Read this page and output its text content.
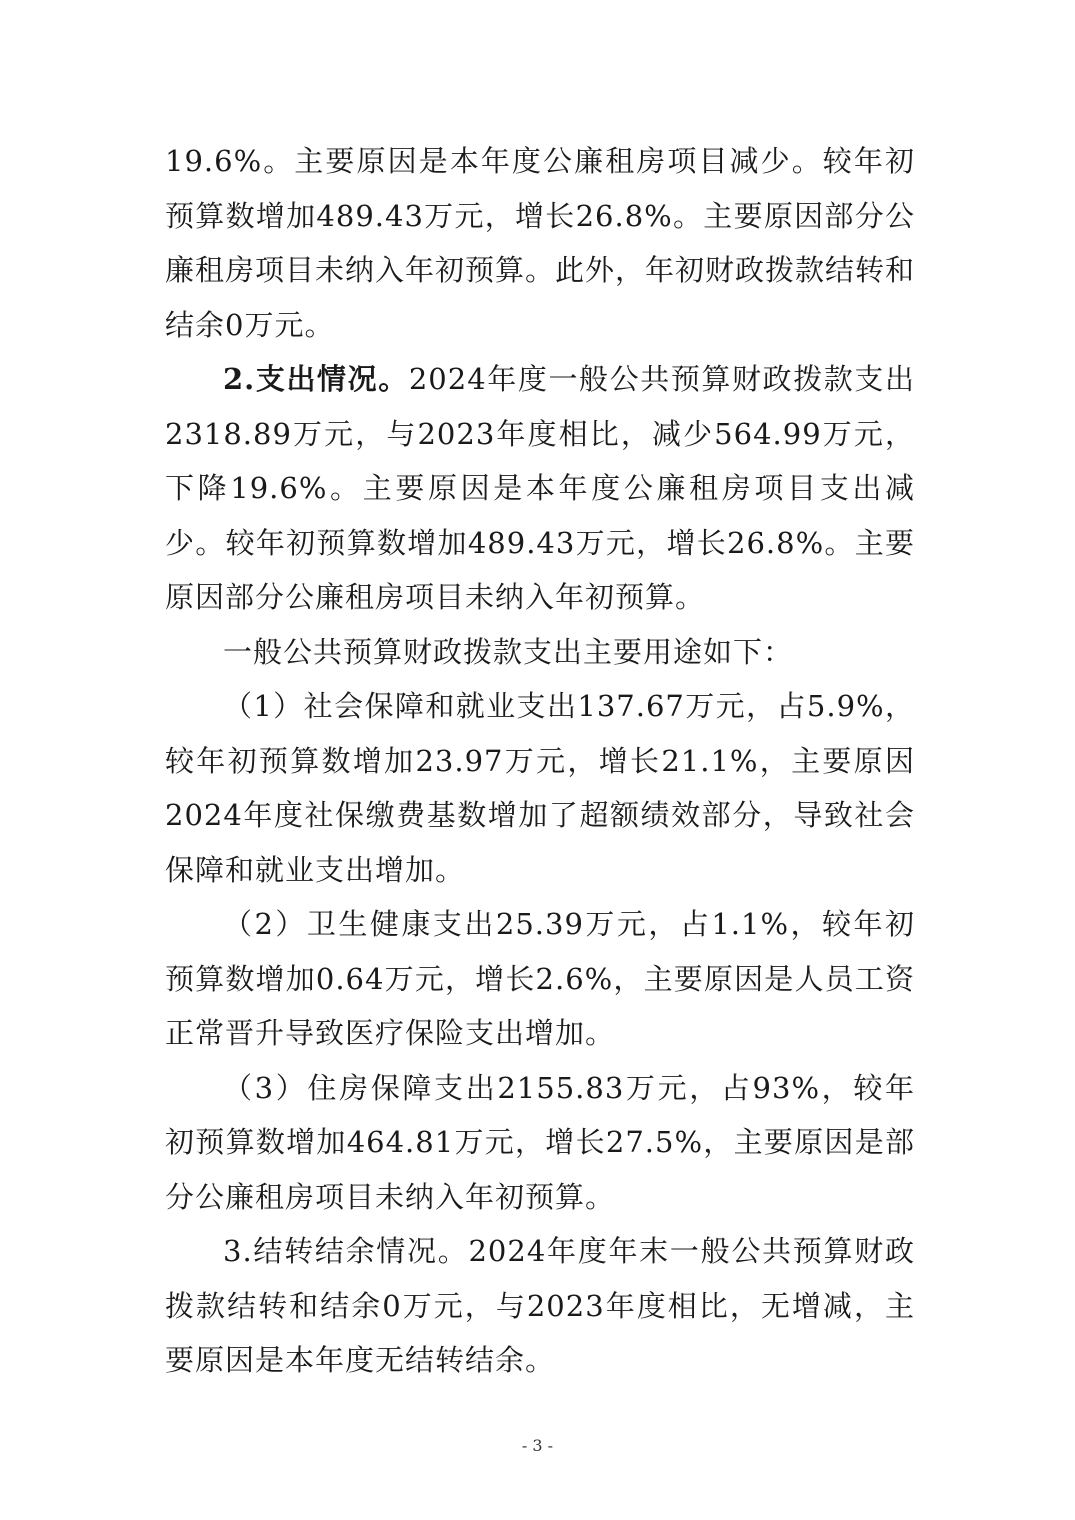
19.6%。主要原因是本年度公廉租房项目减少。较年初预算数增加489.43万元，增长26.8%。主要原因部分公廉租房项目未纳入年初预算。此外，年初财政拨款结转和结余0万元。

2.支出情况。2024年度一般公共预算财政拨款支出2318.89万元，与2023年度相比，减少564.99万元，下降19.6%。主要原因是本年度公廉租房项目支出减少。较年初预算数增加489.43万元，增长26.8%。主要原因部分公廉租房项目未纳入年初预算。

一般公共预算财政拨款支出主要用途如下：

（1）社会保障和就业支出137.67万元，占5.9%，较年初预算数增加23.97万元，增长21.1%，主要原因2024年度社保缴费基数增加了超额绩效部分，导致社会保障和就业支出增加。

（2）卫生健康支出25.39万元，占1.1%，较年初预算数增加0.64万元，增长2.6%，主要原因是人员工资正常晋升导致医疗保险支出增加。

（3）住房保障支出2155.83万元，占93%，较年初预算数增加464.81万元，增长27.5%，主要原因是部分公廉租房项目未纳入年初预算。

3.结转结余情况。2024年度年末一般公共预算财政拨款结转和结余0万元，与2023年度相比，无增减，主要原因是本年度无结转结余。

- 3 -
